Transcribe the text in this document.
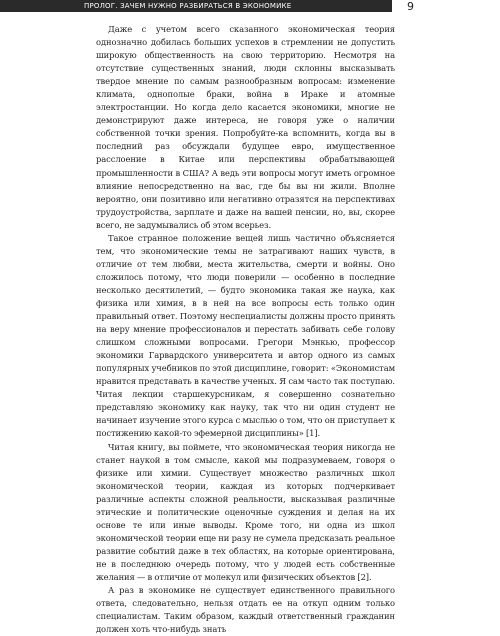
ПРОЛОГ. ЗАЧЕМ НУЖНО РАЗБИРАТЬСЯ В ЭКОНОМИКЕ	9

Даже с учетом всего сказанного экономическая теория однозначно добилась больших успехов в стремлении не допустить широкую общественность на свою территорию. Несмотря на отсутствие существенных знаний, люди склонны высказывать твердое мнение по самым разнообразным вопросам: изменение климата, однополые браки, война в Ираке и атомные электростанции. Но когда дело касается экономики, многие не демонстрируют даже интереса, не говоря уже о наличии собственной точки зрения. Попробуйте-ка вспомнить, когда вы в последний раз обсуждали будущее евро, имущественное расслоение в Китае или перспективы обрабатывающей промышленности в США? А ведь эти вопросы могут иметь огромное влияние непосредственно на вас, где бы вы ни жили. Вполне вероятно, они позитивно или негативно отразятся на перспективах трудоустройства, зарплате и даже на вашей пенсии, но, вы, скорее всего, не задумывались об этом всерьез.

Такое странное положение вещей лишь частично объясняется тем, что экономические темы не затрагивают наших чувств, в отличие от тем любви, места жительства, смерти и войны. Оно сложилось потому, что люди поверили — особенно в последние несколько десятилетий, — будто экономика такая же наука, как физика или химия, в в ней на все вопросы есть только один правильный ответ. Поэтому неспециалисты должны просто принять на веру мнение профессионалов и перестать забивать себе голову слишком сложными вопросами. Грегори Мэнкью, профессор экономики Гарвардского университета и автор одного из самых популярных учебников по этой дисциплине, говорит: «Экономистам нравится представать в качестве ученых. Я сам часто так поступаю. Читая лекции старшекурсникам, я совершенно сознательно представляю экономику как науку, так что ни один студент не начинает изучение этого курса с мыслью о том, что он приступает к постижению какой-то эфемерной дисциплины» [1].

Читая книгу, вы поймете, что экономическая теория никогда не станет наукой в том смысле, какой мы подразумеваем, говоря о физике или химии. Существует множество различных школ экономической теории, каждая из которых подчеркивает различные аспекты сложной реальности, высказывая различные этические и политические оценочные суждения и делая на их основе те или иные выводы. Кроме того, ни одна из школ экономической теории еще ни разу не сумела предсказать реальное развитие событий даже в тех областях, на которые ориентирована, не в последнюю очередь потому, что у людей есть собственные желания — в отличие от молекул или физических объектов [2].

А раз в экономике не существует единственного правильного ответа, следовательно, нельзя отдать ее на откуп одним только специалистам. Таким образом, каждый ответственный гражданин должен хоть что-нибудь знать
